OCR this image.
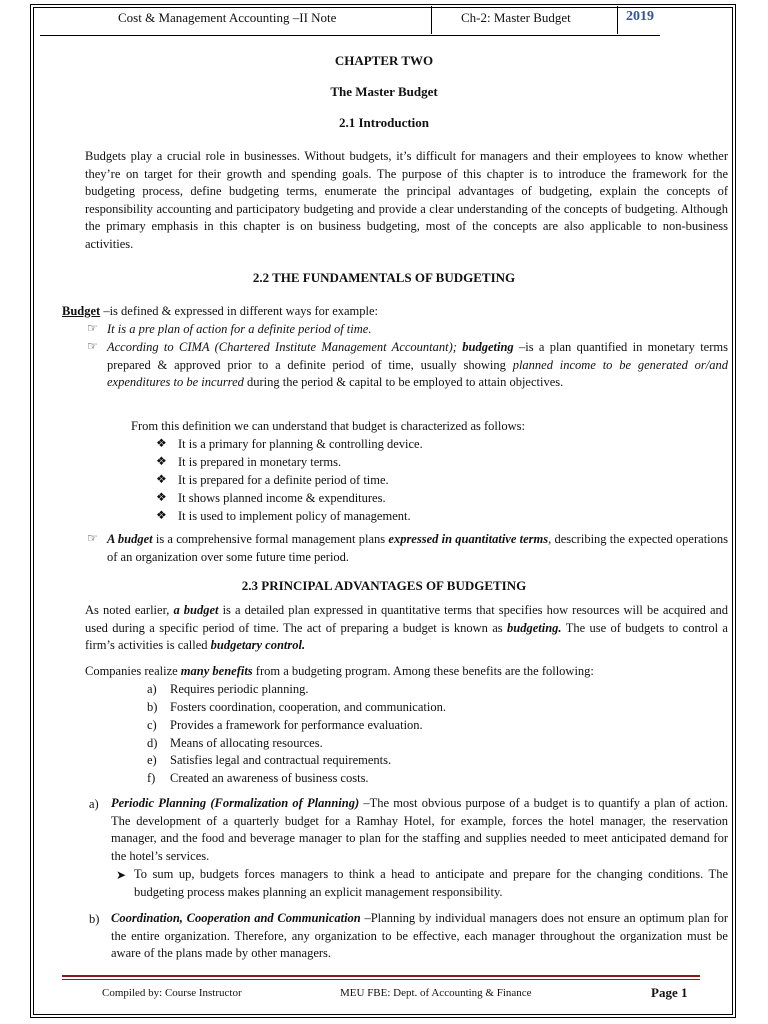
Cost & Management Accounting –II Note	Ch-2: Master Budget	2019
CHAPTER TWO
The Master Budget
2.1 Introduction

Budgets play a crucial role in businesses. Without budgets, it’s difficult for managers and their employees to know whether they’re on target for their growth and spending goals. The purpose of this chapter is to introduce the framework for the budgeting process, define budgeting terms, enumerate the principal advantages of budgeting, explain the concepts of responsibility accounting and participatory budgeting and provide a clear understanding of the concepts of budgeting. Although the primary emphasis in this chapter is on business budgeting, most of the concepts are also applicable to non-business activities.

2.2 THE FUNDAMENTALS OF BUDGETING
Budget –is defined & expressed in different ways for example:
☞ It is a pre plan of action for a definite period of time.
☞ According to CIMA (Chartered Institute Management Accountant); budgeting –is a plan quantified in monetary terms prepared & approved prior to a definite period of time, usually showing planned income to be generated or/and expenditures to be incurred during the period & capital to be employed to attain objectives.

From this definition we can understand that budget is characterized as follows:
❖ It is a primary for planning & controlling device.
❖ It is prepared in monetary terms.
❖ It is prepared for a definite period of time.
❖ It shows planned income & expenditures.
❖ It is used to implement policy of management.
☞ A budget is a comprehensive formal management plans expressed in quantitative terms, describing the expected operations of an organization over some future time period.

2.3 PRINCIPAL ADVANTAGES OF BUDGETING

As noted earlier, a budget is a detailed plan expressed in quantitative terms that specifies how resources will be acquired and used during a specific period of time. The act of preparing a budget is known as budgeting. The use of budgets to control a firm’s activities is called budgetary control.

Companies realize many benefits from a budgeting program. Among these benefits are the following:
a) Requires periodic planning.
b) Fosters coordination, cooperation, and communication.
c) Provides a framework for performance evaluation.
d) Means of allocating resources.
e) Satisfies legal and contractual requirements.
f) Created an awareness of business costs.
a) Periodic Planning (Formalization of Planning) –The most obvious purpose of a budget is to quantify a plan of action. The development of a quarterly budget for a Ramhay Hotel, for example, forces the hotel manager, the reservation manager, and the food and beverage manager to plan for the staffing and supplies needed to meet anticipated demand for the hotel’s services.

➤ To sum up, budgets forces managers to think a head to anticipate and prepare for the changing conditions. The budgeting process makes planning an explicit management responsibility.

b) Coordination, Cooperation and Communication –Planning by individual managers does not ensure an optimum plan for the entire organization. Therefore, any organization to be effective, each manager throughout the organization must be aware of the plans made by other managers.

Compiled by: Course Instructor	MEU FBE: Dept. of Accounting & Finance	Page 1
